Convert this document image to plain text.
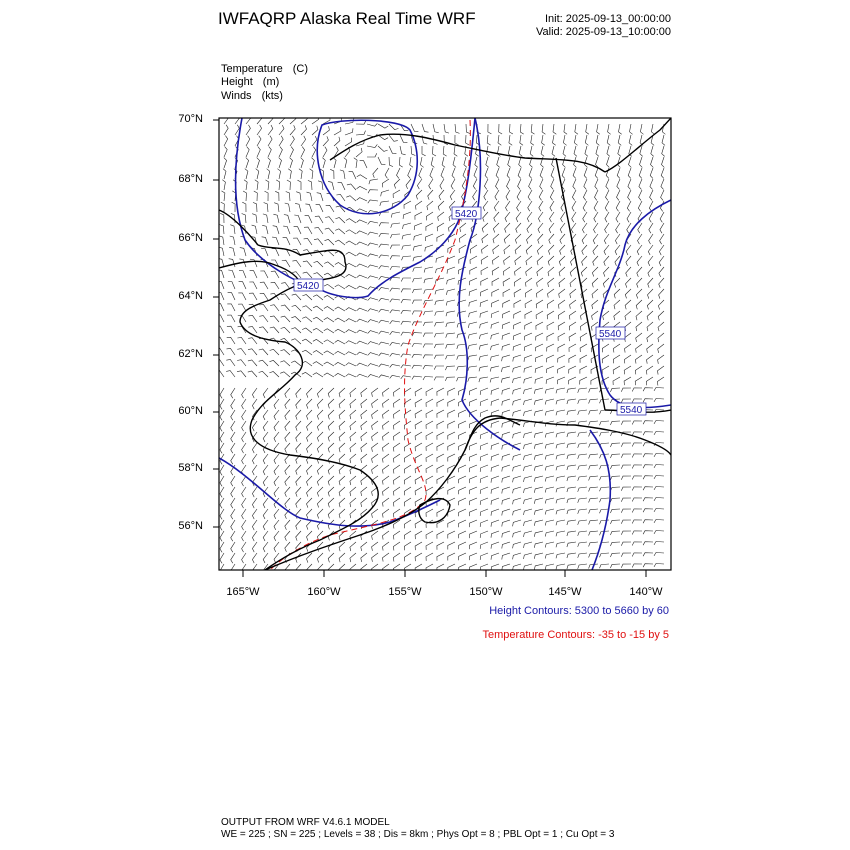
5420
5420
5540
5540
IWFAQRP Alaska Real Time WRF	Init: 2025-09-13_00:00:00
Valid: 2025-09-13_10:00:00
Temperature (C)
Height (m)
Winds (kts)
70°N
68°N
66°N
64°N
62°N
60°N
58°N
56°N
165°W	160°W	155°W	150°W	145°W	140°W
Height Contours: 5300 to 5660 by 60
Temperature Contours: -35 to -15 by 5
OUTPUT FROM WRF V4.6.1 MODEL
WE = 225 ; SN = 225 ; Levels = 38 ; Dis = 8km ; Phys Opt = 8 ; PBL Opt = 1 ; Cu Opt = 3
